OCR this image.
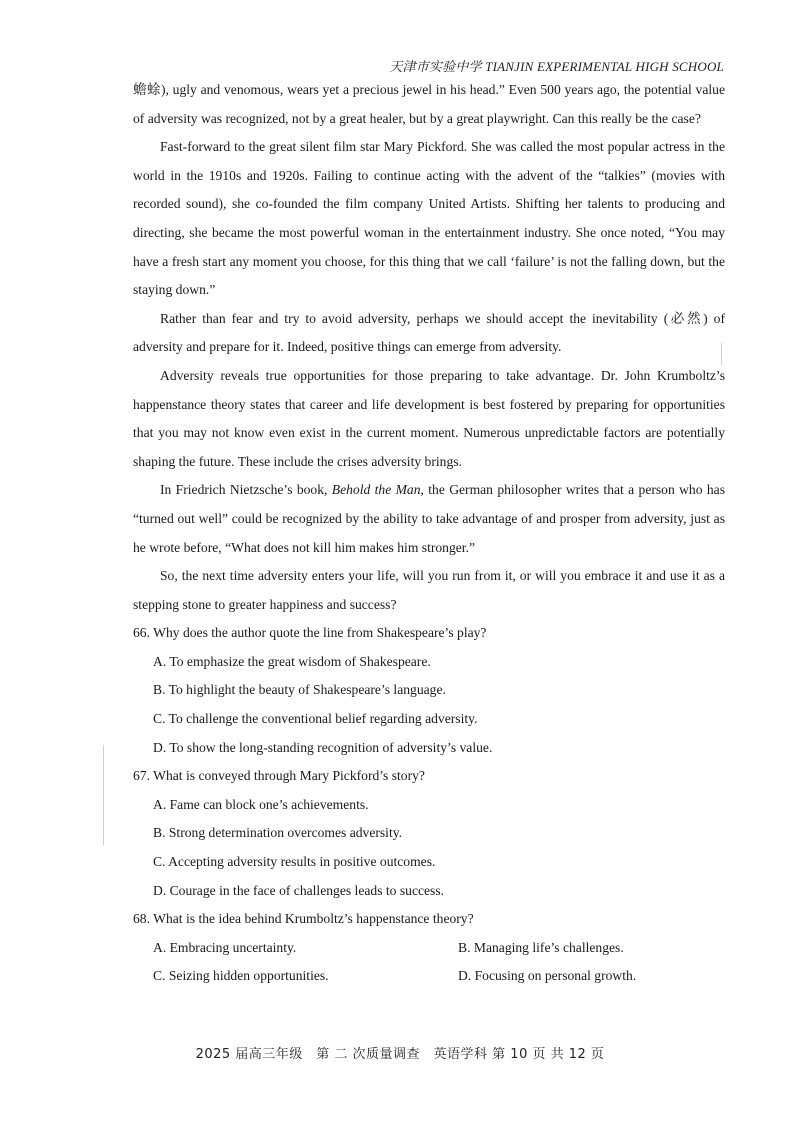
天津市实验中学 TIANJIN EXPERIMENTAL HIGH SCHOOL

蟾蜍), ugly and venomous, wears yet a precious jewel in his head.” Even 500 years ago, the potential value of adversity was recognized, not by a great healer, but by a great playwright. Can this really be the case?

Fast-forward to the great silent film star Mary Pickford. She was called the most popular actress in the world in the 1910s and 1920s. Failing to continue acting with the advent of the “talkies” (movies with recorded sound), she co-founded the film company United Artists. Shifting her talents to producing and directing, she became the most powerful woman in the entertainment industry. She once noted, “You may have a fresh start any moment you choose, for this thing that we call ‘failure’ is not the falling down, but the staying down.”

Rather than fear and try to avoid adversity, perhaps we should accept the inevitability (必然) of adversity and prepare for it. Indeed, positive things can emerge from adversity.

Adversity reveals true opportunities for those preparing to take advantage. Dr. John Krumboltz’s happenstance theory states that career and life development is best fostered by preparing for opportunities that you may not know even exist in the current moment. Numerous unpredictable factors are potentially shaping the future. These include the crises adversity brings.

In Friedrich Nietzsche’s book, Behold the Man, the German philosopher writes that a person who has “turned out well” could be recognized by the ability to take advantage of and prosper from adversity, just as he wrote before, “What does not kill him makes him stronger.”

So, the next time adversity enters your life, will you run from it, or will you embrace it and use it as a stepping stone to greater happiness and success?

66. Why does the author quote the line from Shakespeare’s play?
A. To emphasize the great wisdom of Shakespeare.
B. To highlight the beauty of Shakespeare’s language.
C. To challenge the conventional belief regarding adversity.
D. To show the long-standing recognition of adversity’s value.
67. What is conveyed through Mary Pickford’s story?
A. Fame can block one’s achievements.
B. Strong determination overcomes adversity.
C. Accepting adversity results in positive outcomes.
D. Courage in the face of challenges leads to success.
68. What is the idea behind Krumboltz’s happenstance theory?
A. Embracing uncertainty.	B. Managing life’s challenges.
C. Seizing hidden opportunities.	D. Focusing on personal growth.
2025 届高三年级　第 二 次质量调查　英语学科 第 10 页 共 12 页
